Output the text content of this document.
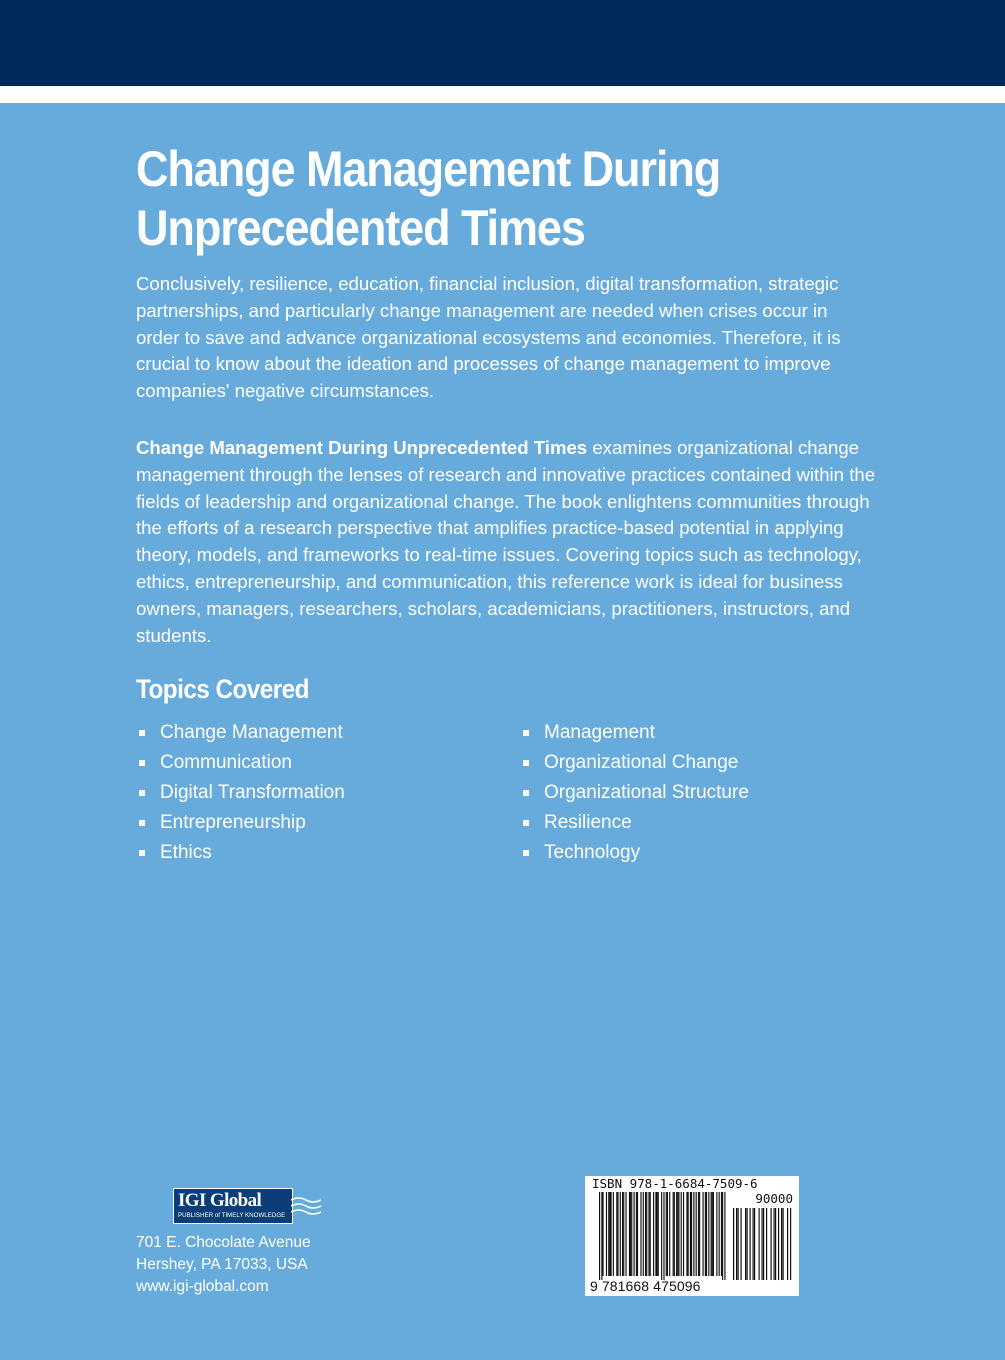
Change Management During
Unprecedented Times

Conclusively, resilience, education, financial inclusion, digital transformation, strategic partnerships, and particularly change management are needed when crises occur in order to save and advance organizational ecosystems and economies. Therefore, it is crucial to know about the ideation and processes of change management to improve companies' negative circumstances.

Change Management During Unprecedented Times examines organizational change management through the lenses of research and innovative practices contained within the fields of leadership and organizational change. The book enlightens communities through the efforts of a research perspective that amplifies practice-based potential in applying theory, models, and frameworks to real-time issues. Covering topics such as technology, ethics, entrepreneurship, and communication, this reference work is ideal for business owners, managers, researchers, scholars, academicians, practitioners, instructors, and students.

Topics Covered
Change Management
Communication
Digital Transformation
Entrepreneurship
Ethics
Management
Organizational Change
Organizational Structure
Resilience
Technology
IGI Global
PUBLISHER of TIMELY KNOWLEDGE
701 E. Chocolate Avenue
Hershey, PA 17033, USA
www.igi-global.com
ISBN 978-1-6684-7509-6
90000
9 781668 475096
